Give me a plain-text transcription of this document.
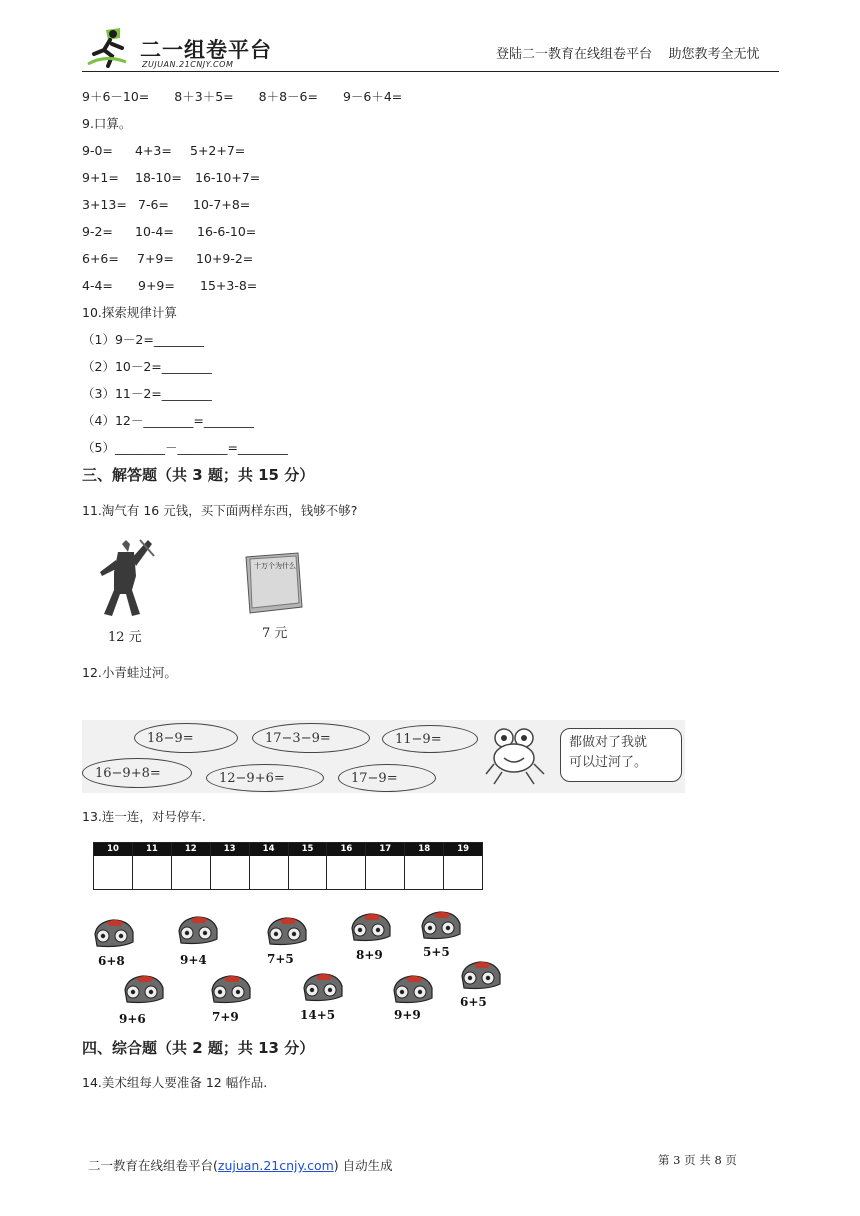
二一组卷平台
ZUJUAN.21CNJY.COM
登陆二一教育在线组卷平台    助您教考全无忧
9＋6－10=　　8＋3＋5=　　8＋8－6=　　9－6＋4=
9.口算。
9-0= 4+3= 5+2+7=
9+1= 18-10= 16-10+7=
3+13= 7-6= 10-7+8=
9-2= 10-4= 16-6-10=
6+6= 7+9= 10+9-2=
4-4= 9+9= 15+3-8=
10.探索规律计算
（1）9－2=________
（2）10－2=________
（3）11－2=________
（4）12－________=________
（5）________－________=________
三、解答题（共 3 题；共 15 分）
11.淘气有 16 元钱，买下面两样东西，钱够不够?
12 元
十万个为什么
7 元
12.小青蛙过河。
18−9=	17−3−9=	11−9=
16−9+8=	12−9+6=	17−9=
都做对了我就
可以过河了。
13.连一连，对号停车.
10	11	12	13	14	15	16	17	18	19
6+8	9+4	7+5	8+9	5+5
9+6	7+9	14+5	9+9
6+5
四、综合题（共 2 题；共 13 分）
14.美术组每人要准备 12 幅作品.
二一教育在线组卷平台(zujuan.21cnjy.com) 自动生成	第 3 页 共 8 页
